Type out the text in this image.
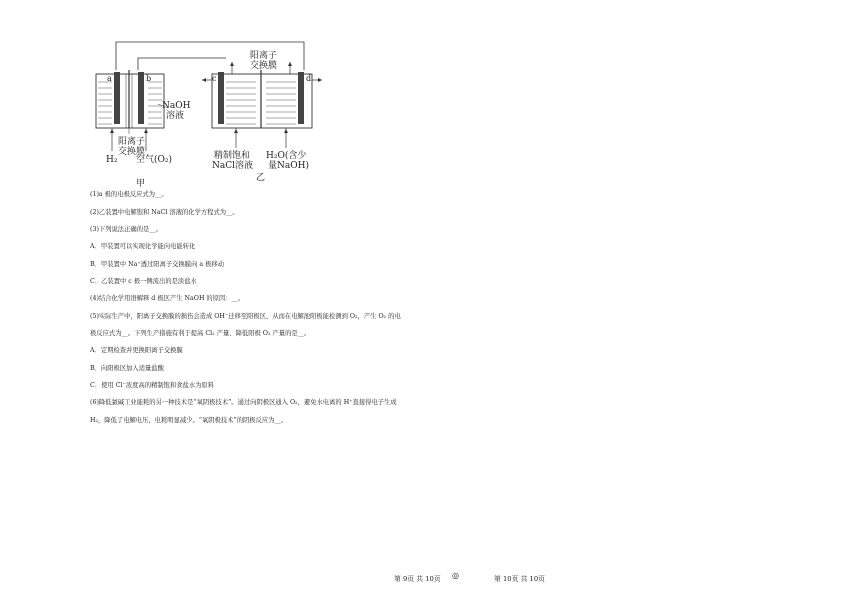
a	b
NaOH
溶液
阳离子
交换膜
H₂ 空气(O₂)
甲
c	d
阳离子
交换膜
精制饱和
NaCl溶液
H₂O(含少
量NaOH)
乙

(1)a 极的电极反应式为__。

(2)乙装置中电解饱和 NaCl 溶液的化学方程式为__。

(3)下列说法正确的是__。

A．甲装置可以实现化学能向电能转化

B．甲装置中 Na⁺透过阳离子交换膜向 a 极移动

C．乙装置中 c 极一侧流出的是淡盐水

(4)结合化学用语解释 d 极区产生 NaOH 的原因：__。

(5)实际生产中，阳离子交换膜的损伤会造成 OH⁻迁移至阳极区，从而在电解池阳极能检测到 O₂，产生 O₂ 的电

极反应式为__。下列生产措施有利于提高 Cl₂ 产量、降低阳极 O₂ 产量的是__。

A．定期检查并更换阳离子交换膜

B．向阳极区加入适量盐酸

C．使用 Cl⁻浓度高的精制饱和食盐水为原料

(6)降低氯碱工业能耗的另一种技术是“氧阴极技术”。通过向阴极区通入 O₂，避免水电离的 H⁺直接得电子生成

H₂，降低了电解电压，电耗明显减少。“氧阴极技术”的阴极反应为__。

第 9页 共 10页 ◎	第 10页 共 10页
